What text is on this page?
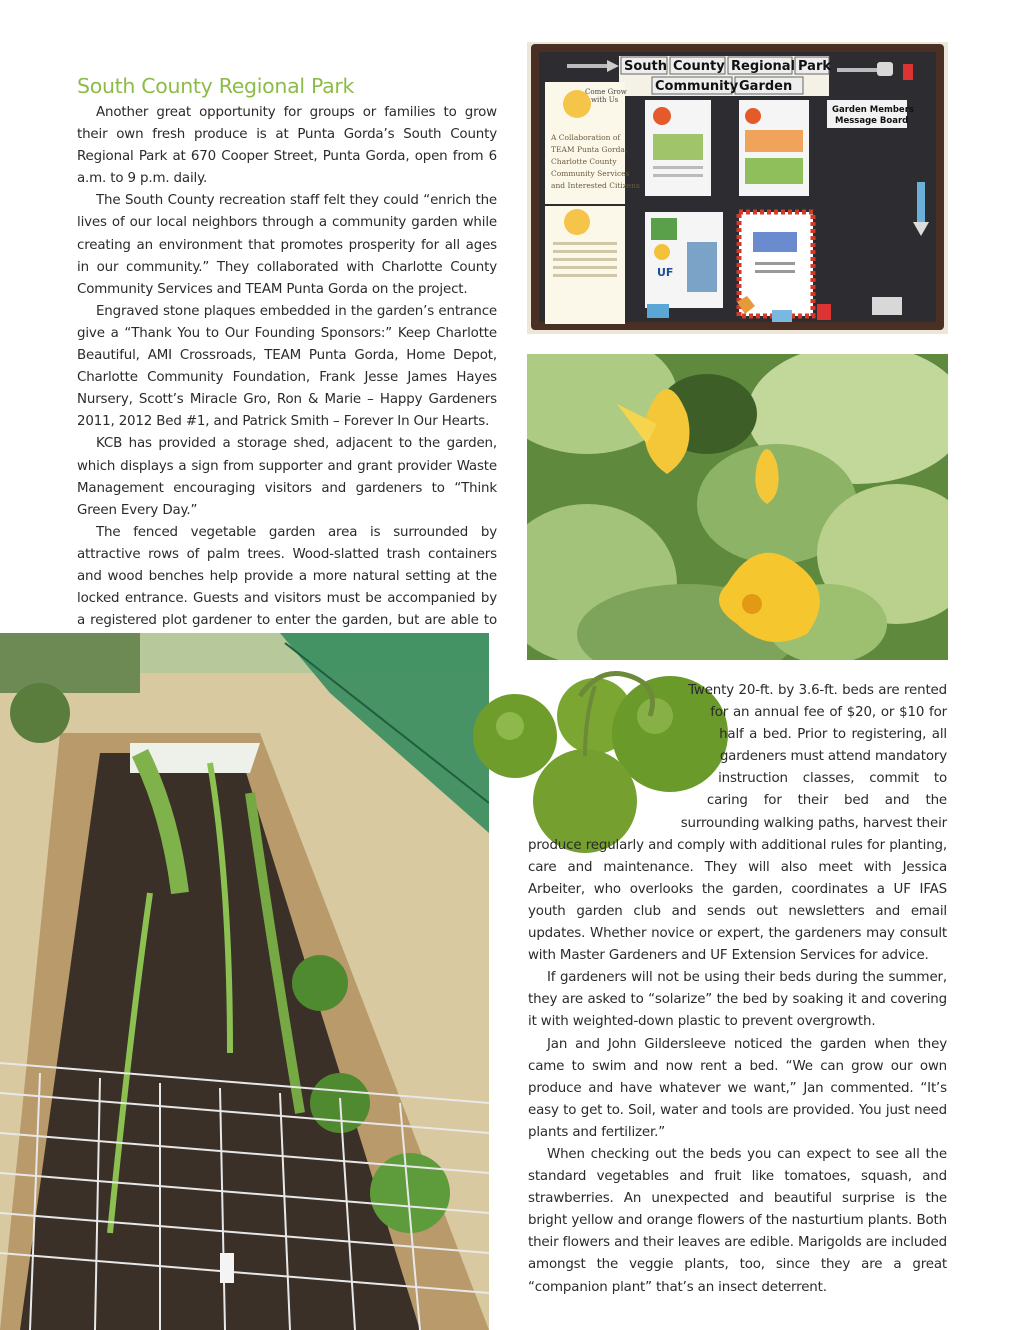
South County Regional Park

Another great opportunity for groups or families to grow their own fresh produce is at Punta Gorda’s South County Regional Park at 670 Cooper Street, Punta Gorda, open from 6 a.m. to 9 p.m. daily.

The South County recreation staff felt they could “enrich the lives of our local neighbors through a community garden while creating an environment that promotes prosperity for all ages in our community.” They collaborated with Charlotte County Community Services and TEAM Punta Gorda on the project.

Engraved stone plaques embedded in the garden’s entrance give a “Thank You to Our Founding Sponsors:” Keep Charlotte Beautiful, AMI Crossroads, TEAM Punta Gorda, Home Depot, Charlotte Community Foundation, Frank Jesse James Hayes Nursery, Scott’s Miracle Gro, Ron & Marie – Happy Gardeners 2011, 2012 Bed #1, and Patrick Smith – Forever In Our Hearts.

KCB has provided a storage shed, adjacent to the garden, which displays a sign from supporter and grant provider Waste Management encouraging visitors and gardeners to “Think Green Every Day.”

The fenced vegetable garden area is surrounded by attractive rows of palm trees. Wood-slatted trash containers and wood benches help provide a more natural setting at the locked entrance. Guests and visitors must be accompanied by a registered plot gardener to enter the garden, but are able to

South County Regional Park
Community Garden
Garden Members
Message Board
Come Grow
with Us
A Collaboration of
TEAM Punta Gorda,
Charlotte County
Community Services
and Interested Citizens
UF

Twenty 20-ft. by 3.6-ft. beds are rented for an annual fee of $20, or $10 for half a bed. Prior to registering, all gardeners must attend mandatory instruction classes, commit to caring for their bed and the surrounding walking paths, harvest their produce regularly and comply with additional rules for planting, care and maintenance. They will also meet with Jessica Arbeiter, who overlooks the garden, coordinates a UF IFAS youth garden club and sends out newsletters and email updates. Whether novice or expert, the gardeners may consult with Master Gardeners and UF Extension Services for advice.

If gardeners will not be using their beds during the summer, they are asked to “solarize” the bed by soaking it and covering it with weighted-down plastic to prevent overgrowth.

Jan and John Gildersleeve noticed the garden when they came to swim and now rent a bed. “We can grow our own produce and have whatever we want,” Jan commented. “It’s easy to get to. Soil, water and tools are provided. You just need plants and fertilizer.”

When checking out the beds you can expect to see all the standard vegetables and fruit like tomatoes, squash, and strawberries. An unexpected and beautiful surprise is the bright yellow and orange flowers of the nasturtium plants. Both their flowers and their leaves are edible. Marigolds are included amongst the veggie plants, too, since they are a great “companion plant” that’s an insect deterrent.
